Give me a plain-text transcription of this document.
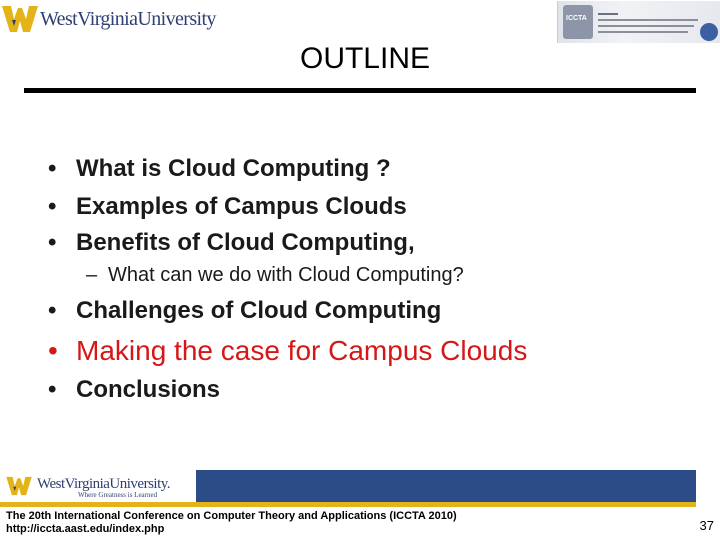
WestVirginiaUniversity	ICCTA
OUTLINE
• What is Cloud Computing ?
• Examples of Campus Clouds
• Benefits of Cloud Computing,
– What can we do with Cloud Computing?
• Challenges of Cloud Computing
• Making the case for Campus Clouds
• Conclusions
WestVirginiaUniversity.
Where Greatness is Learned
The 20th International Conference on Computer Theory and Applications (ICCTA 2010)
http://iccta.aast.edu/index.php	37
